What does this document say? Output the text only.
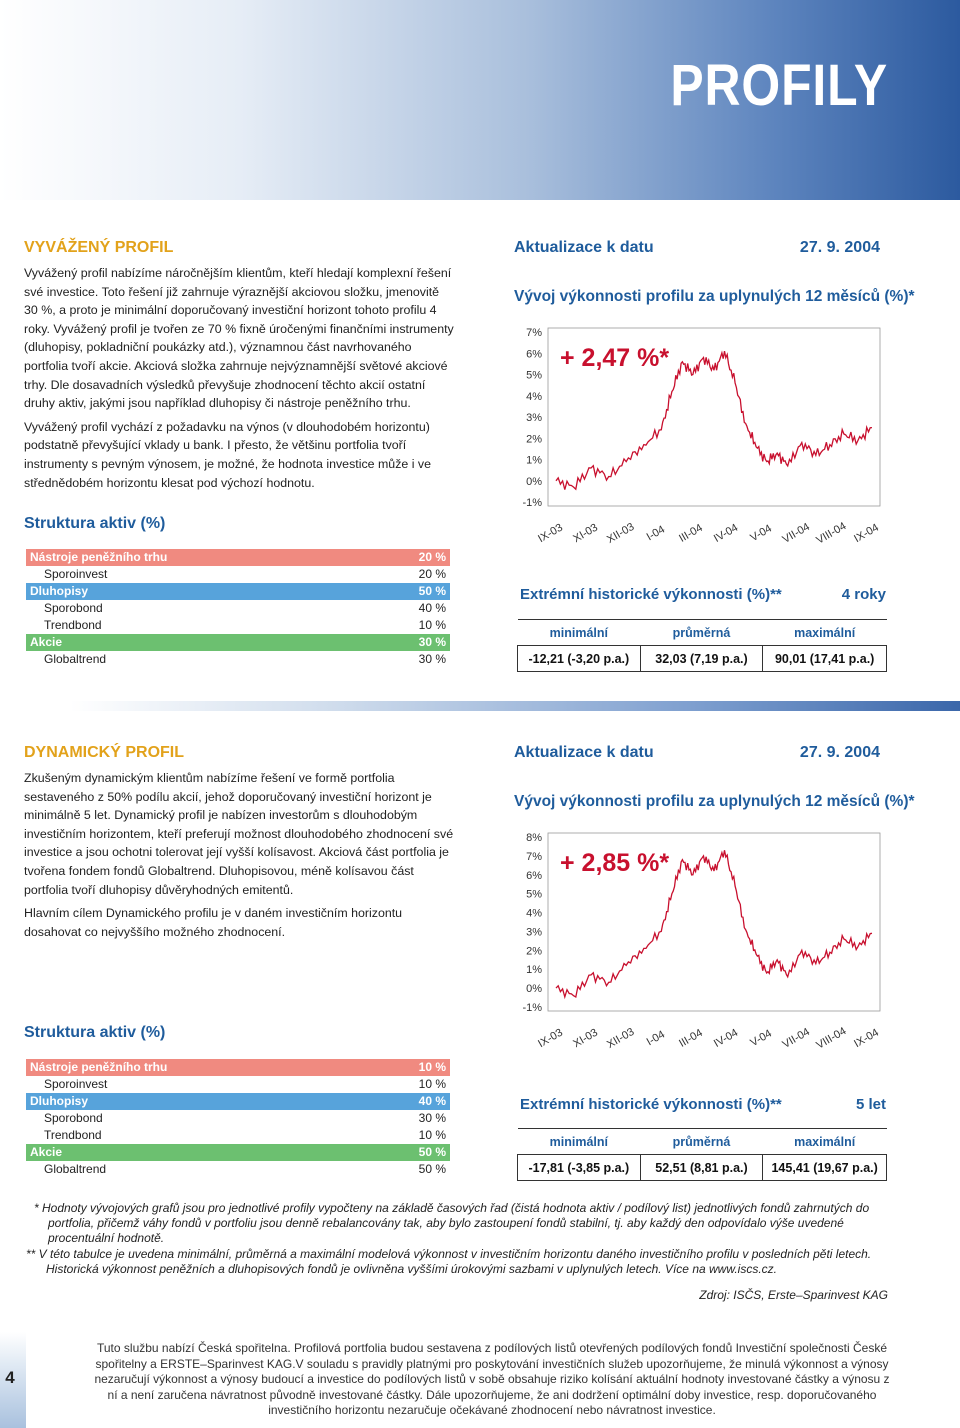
PROFILY
VYVÁŽENÝ PROFIL

Vyvážený profil nabízíme náročnějším klientům, kteří hledají komplexní řešení své investice. Toto řešení již zahrnuje výraznější akciovou složku, jmenovitě 30 %, a proto je minimální doporučovaný investiční horizont tohoto profilu 4 roky. Vyvážený profil je tvořen ze 70 % fixně úročenými finančními instrumenty (dluhopisy, pokladniční poukázky atd.), významnou část navrhovaného portfolia tvoří akcie. Akciová složka zahrnuje nejvýznamnější světové akciové trhy. Dle dosavadních výsledků převyšuje zhodnocení těchto akcií ostatní druhy aktiv, jakými jsou například dluhopisy či nástroje peněžního trhu.

Vyvážený profil vychází z požadavku na výnos (v dlouhodobém horizontu) podstatně převyšující vklady u bank. I přesto, že většinu portfolia tvoří instrumenty s pevným výnosem, je možné, že hodnota investice může i ve střednědobém horizontu klesat pod výchozí hodnotu.

Struktura aktiv (%)
Nástroje peněžního trhu	20 %
Sporoinvest	20 %
Dluhopisy	50 %
Sporobond	40 %
Trendbond	10 %
Akcie	30 %
Globaltrend	30 %
Aktualizace k datu	27. 9. 2004
Vývoj výkonnosti profilu za uplynulých 12 měsíců (%)*
7%
6%
5%
4%
3%
2%
1%
0%
-1%
IX-03 XI-03 XII-03 I-04 III-04 IV-04 V-04 VII-04 VIII-04 IX-04
+ 2,47 %*
Extrémní historické výkonnosti (%)**	4 roky
minimální	průměrná	maximální
-12,21 (-3,20 p.a.)	32,03 (7,19 p.a.)	90,01 (17,41 p.a.)
DYNAMICKÝ PROFIL

Zkušeným dynamickým klientům nabízíme řešení ve formě portfolia sestaveného z 50% podílu akcií, jehož doporučovaný investiční horizont je minimálně 5 let. Dynamický profil je nabízen investorům s dlouhodobým investičním horizontem, kteří preferují možnost dlouhodobého zhodnocení své investice a jsou ochotni tolerovat její vyšší kolísavost. Akciová část portfolia je tvořena fondem fondů Globaltrend. Dluhopisovou, méně kolísavou část portfolia tvoří dluhopisy důvěryhodných emitentů.

Hlavním cílem Dynamického profilu je v daném investičním horizontu dosahovat co nejvyššího možného zhodnocení.

Struktura aktiv (%)
Nástroje peněžního trhu	10 %
Sporoinvest	10 %
Dluhopisy	40 %
Sporobond	30 %
Trendbond	10 %
Akcie	50 %
Globaltrend	50 %
Aktualizace k datu	27. 9. 2004
Vývoj výkonnosti profilu za uplynulých 12 měsíců (%)*
8%
7%
6%
5%
4%
3%
2%
1%
0%
-1%
IX-03 XI-03 XII-03 I-04 III-04 IV-04 V-04 VII-04 VIII-04 IX-04
+ 2,85 %*
Extrémní historické výkonnosti (%)**	5 let
minimální	průměrná	maximální
-17,81 (-3,85 p.a.)	52,51 (8,81 p.a.)	145,41 (19,67 p.a.)
* Hodnoty vývojových grafů jsou pro jednotlivé profily vypočteny na základě časových řad (čistá hodnota aktiv / podílový list) jednotlivých fondů zahrnutých do portfolia, přičemž váhy fondů v portfoliu jsou denně rebalancovány tak, aby bylo zastoupení fondů stabilní, tj. aby každý den odpovídalo výše uvedené procentuální hodnotě.
** V této tabulce je uvedena minimální, průměrná a maximální modelová výkonnost v investičním horizontu daného investičního profilu v posledních pěti letech. Historická výkonnost peněžních a dluhopisových fondů je ovlivněna vyššími úrokovými sazbami v uplynulých letech. Více na www.iscs.cz.
Zdroj: ISČS, Erste–Sparinvest KAG
4
Tuto službu nabízí Česká spořitelna. Profilová portfolia budou sestavena z podílových listů otevřených podílových fondů Investiční společnosti České spořitelny a ERSTE–Sparinvest KAG.V souladu s pravidly platnými pro poskytování investičních služeb upozorňujeme, že minulá výkonnost a výnosy nezaručují výkonnost a výnosy budoucí a investice do podílových listů v sobě obsahuje riziko kolísání aktuální hodnoty investované částky a výnosu z ní a není zaručena návratnost původně investované částky. Dále upozorňujeme, že ani dodržení optimální doby investice, resp. doporučovaného investičního horizontu nezaručuje očekávané zhodnocení nebo návratnost investice.
